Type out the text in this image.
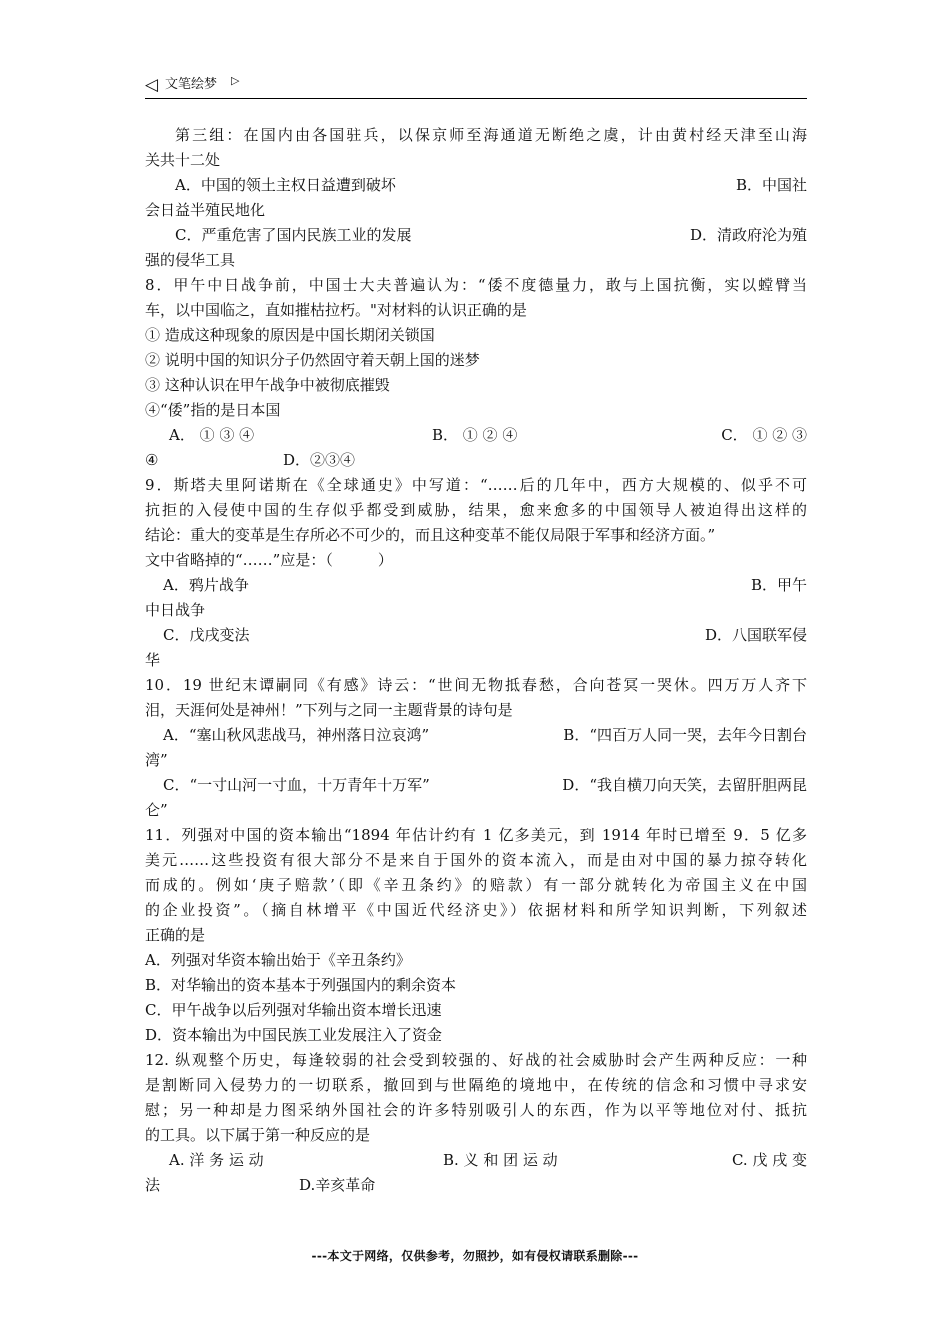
◁ 文笔绘梦 ▷
第三组：在国内由各国驻兵，以保京师至海通道无断绝之虞，计由黄村经天津至山海
关共十二处
A．中国的领土主权日益遭到破坏	B．中国社
会日益半殖民地化
C．严重危害了国内民族工业的发展	D．清政府沦为殖
强的侵华工具
8．甲午中日战争前，中国士大夫普遍认为：“倭不度德量力，敢与上国抗衡，实以螳臂当
车，以中国临之，直如摧枯拉朽。"对材料的认识正确的是
① 造成这种现象的原因是中国长期闭关锁国
② 说明中国的知识分子仍然固守着天朝上国的迷梦
③ 这种认识在甲午战争中被彻底摧毁
④“倭”指的是日本国
A． ① ③ ④	B． ① ② ④	C． ① ② ③
④	D．②③④
9．斯塔夫里阿诺斯在《全球通史》中写道：“……后的几年中，西方大规模的、似乎不可
抗拒的入侵使中国的生存似乎都受到威胁，结果，愈来愈多的中国领导人被迫得出这样的
结论：重大的变革是生存所必不可少的，而且这种变革不能仅局限于军事和经济方面。”
文中省略掉的“……”应是：（　　　）
A．鸦片战争	B．甲午
中日战争
C．戊戌变法	D．八国联军侵
华
10．19 世纪末谭嗣同《有感》诗云：“世间无物抵春愁，合向苍冥一哭休。四万万人齐下
泪，天涯何处是神州！”下列与之同一主题背景的诗句是
A．“塞山秋风悲战马，神州落日泣哀鸿”	B．“四百万人同一哭，去年今日割台
湾”
C．“一寸山河一寸血，十万青年十万军”	D．“我自横刀向天笑，去留肝胆两昆
仑”
11．列强对中国的资本输出“1894 年估计约有 1 亿多美元，到 1914 年时已增至 9．5 亿多
美元……这些投资有很大部分不是来自于国外的资本流入，而是由对中国的暴力掠夺转化
而成的。例如‘庚子赔款’（即《辛丑条约》的赔款）有一部分就转化为帝国主义在中国
的企业投资”。（摘自林增平《中国近代经济史》）依据材料和所学知识判断，下列叙述
正确的是
A．列强对华资本输出始于《辛丑条约》
B．对华输出的资本基本于列强国内的剩余资本
C．甲午战争以后列强对华输出资本增长迅速
D．资本输出为中国民族工业发展注入了资金
12. 纵观整个历史，每逢较弱的社会受到较强的、好战的社会威胁时会产生两种反应：一种
是割断同入侵势力的一切联系，撤回到与世隔绝的境地中，在传统的信念和习惯中寻求安
慰；另一种却是力图采纳外国社会的许多特别吸引人的东西，作为以平等地位对付、抵抗
的工具。以下属于第一种反应的是
A. 洋 务 运 动	B. 义 和 团 运 动	C. 戊 戌 变
法	D.辛亥革命
---本文于网络，仅供参考，勿照抄，如有侵权请联系删除---
